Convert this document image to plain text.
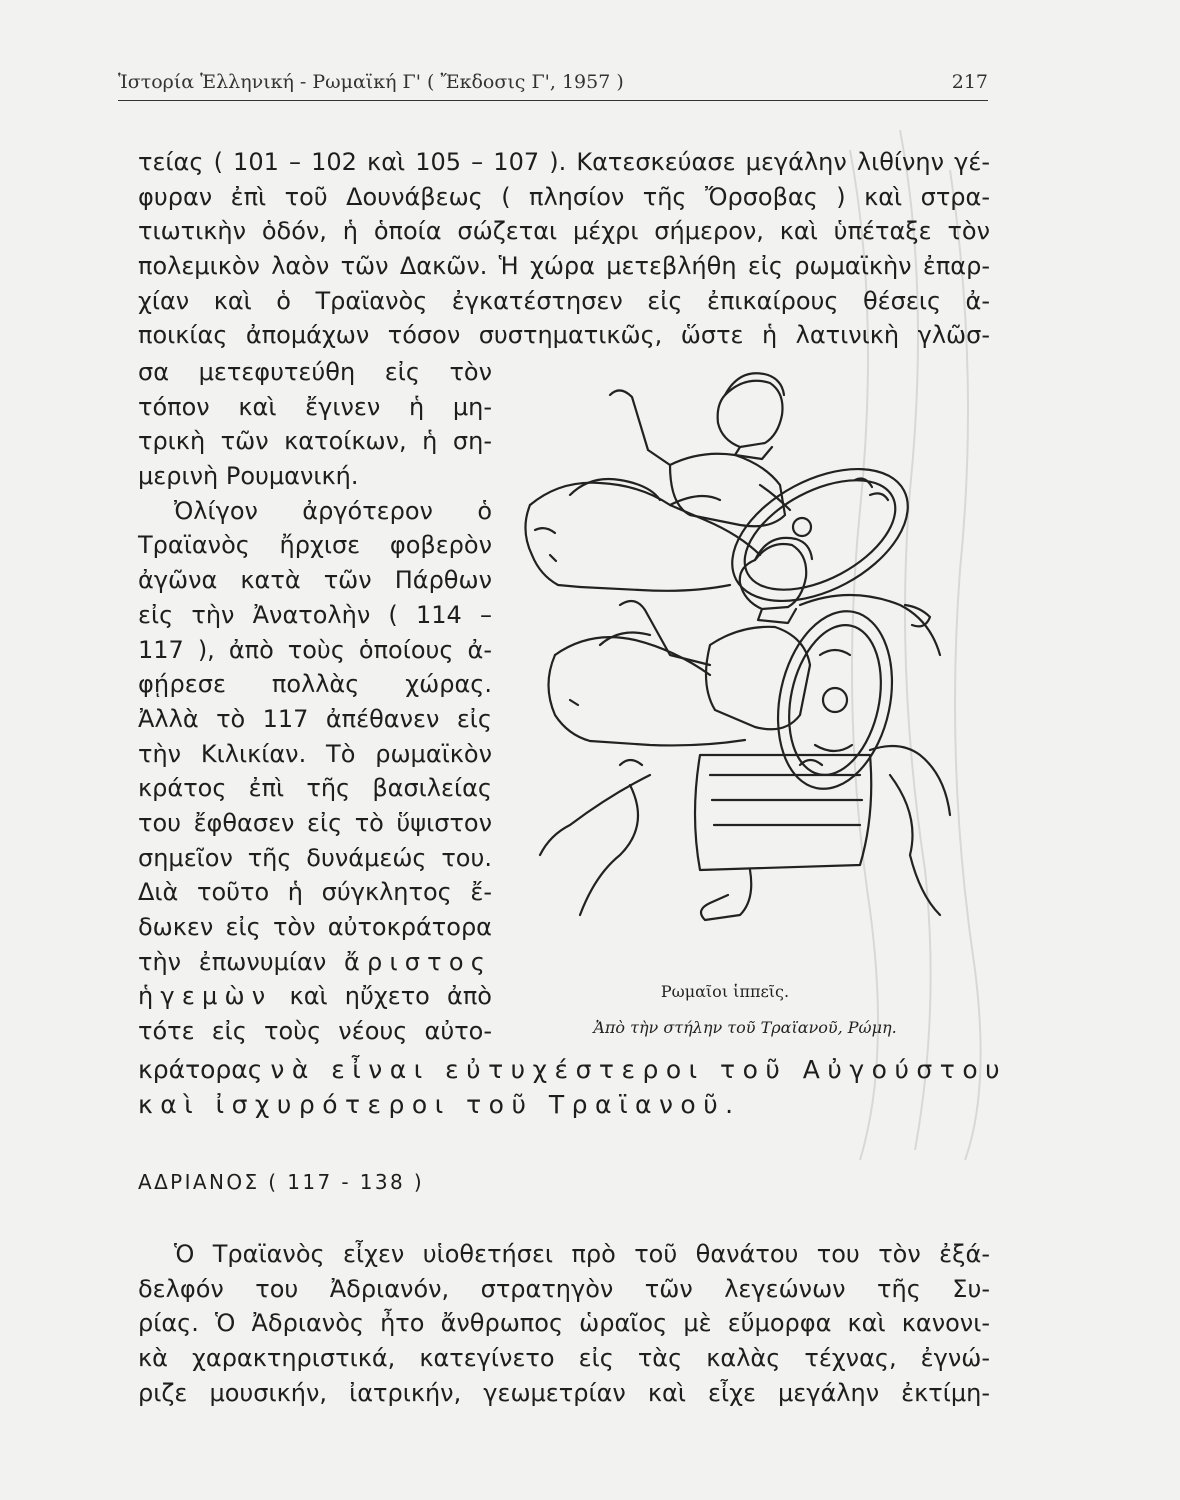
Ἱστορία Ἑλληνική - Ρωμαϊκή Γ' ( Ἔκδοσις Γ', 1957 )	217
τείας ( 101 – 102 καὶ 105 – 107 ). Κατεσκεύασε μεγάλην λιθίνην γέ-
φυραν ἐπὶ τοῦ Δουνάβεως ( πλησίον τῆς Ὄρσοβας ) καὶ στρα-
τιωτικὴν ὁδόν, ἡ ὁποία σώζεται μέχρι σήμερον, καὶ ὑπέταξε τὸν
πολεμικὸν λαὸν τῶν Δακῶν. Ἡ χώρα μετεβλήθη εἰς ρωμαϊκὴν ἐπαρ-
χίαν καὶ ὁ Τραϊανὸς ἐγκατέστησεν εἰς ἐπικαίρους θέσεις ἀ-
ποικίας ἀπομάχων τόσον συστηματικῶς, ὥστε ἡ λατινικὴ γλῶσ-
σα μετεφυτεύθη εἰς τὸν
τόπον καὶ ἔγινεν ἡ μη-
τρικὴ τῶν κατοίκων, ἡ ση-
μερινὴ Ρουμανική.
Ὀλίγον ἀργότερον ὁ
Τραϊανὸς ἤρχισε φοβερὸν
ἀγῶνα κατὰ τῶν Πάρθων
εἰς τὴν Ἀνατολὴν ( 114 –
117 ), ἀπὸ τοὺς ὁποίους ἀ-
φῄρεσε πολλὰς χώρας.
Ἀλλὰ τὸ 117 ἀπέθανεν εἰς
τὴν Κιλικίαν. Τὸ ρωμαϊκὸν
κράτος ἐπὶ τῆς βασιλείας
του ἔφθασεν εἰς τὸ ὕψιστον
σημεῖον τῆς δυνάμεώς του.
Διὰ τοῦτο ἡ σύγκλητος ἔ-
δωκεν εἰς τὸν αὐτοκράτορα
τὴν ἐπωνυμίαν ἄριστος
ἡγεμὼν καὶ ηὔχετο ἀπὸ
τότε εἰς τοὺς νέους αὐτο-
Ρωμαῖοι ἱππεῖς.
Ἀπὸ τὴν στήλην τοῦ Τραϊανοῦ, Ρώμη.
κράτορας νὰ εἶναι εὐτυχέστεροι τοῦ Αὐγούστου
καὶ ἰσχυρότεροι τοῦ Τραϊανοῦ.
ΑΔΡΙΑΝΟΣ ( 117 - 138 )
Ὁ Τραϊανὸς εἶχεν υἱοθετήσει πρὸ τοῦ θανάτου του τὸν ἐξά-
δελφόν του Ἀδριανόν, στρατηγὸν τῶν λεγεώνων τῆς Συ-
ρίας. Ὁ Ἀδριανὸς ἦτο ἄνθρωπος ὡραῖος μὲ εὔμορφα καὶ κανονι-
κὰ χαρακτηριστικά, κατεγίνετο εἰς τὰς καλὰς τέχνας, ἐγνώ-
ριζε μουσικήν, ἰατρικήν, γεωμετρίαν καὶ εἶχε μεγάλην ἐκτίμη-
